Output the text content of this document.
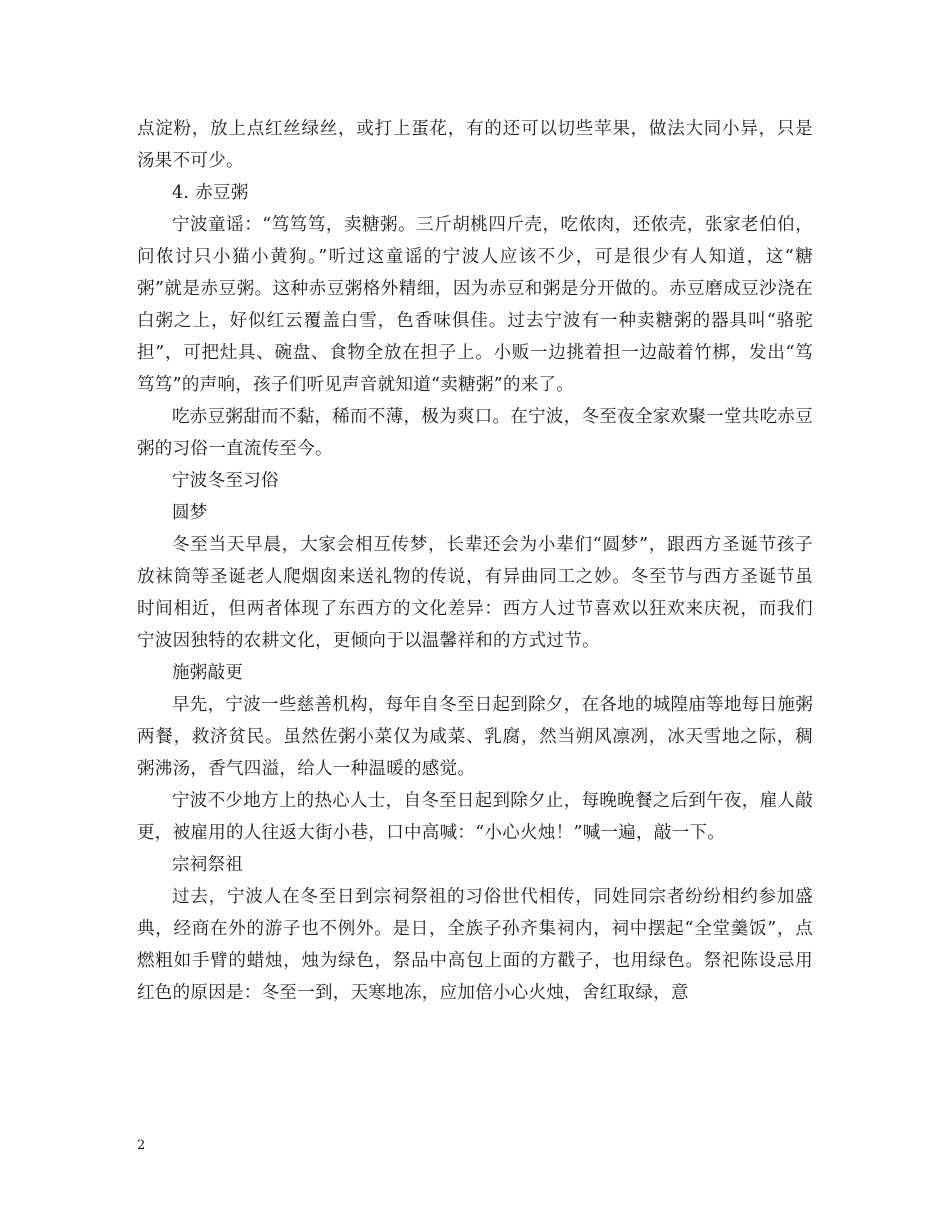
点淀粉，放上点红丝绿丝，或打上蛋花，有的还可以切些苹果，做法大同小异，只是汤果不可少。

4. 赤豆粥

宁波童谣：“笃笃笃，卖糖粥。三斤胡桃四斤壳，吃侬肉，还侬壳，张家老伯伯，问侬讨只小猫小黄狗。”听过这童谣的宁波人应该不少，可是很少有人知道，这“糖粥”就是赤豆粥。这种赤豆粥格外精细，因为赤豆和粥是分开做的。赤豆磨成豆沙浇在白粥之上，好似红云覆盖白雪，色香味俱佳。过去宁波有一种卖糖粥的器具叫“骆驼担”，可把灶具、碗盘、食物全放在担子上。小贩一边挑着担一边敲着竹梆，发出“笃笃笃”的声响，孩子们听见声音就知道“卖糖粥”的来了。

吃赤豆粥甜而不黏，稀而不薄，极为爽口。在宁波，冬至夜全家欢聚一堂共吃赤豆粥的习俗一直流传至今。

宁波冬至习俗

圆梦

冬至当天早晨，大家会相互传梦，长辈还会为小辈们“圆梦”，跟西方圣诞节孩子放袜筒等圣诞老人爬烟囱来送礼物的传说，有异曲同工之妙。冬至节与西方圣诞节虽时间相近，但两者体现了东西方的文化差异：西方人过节喜欢以狂欢来庆祝，而我们宁波因独特的农耕文化，更倾向于以温馨祥和的方式过节。

施粥敲更

早先，宁波一些慈善机构，每年自冬至日起到除夕，在各地的城隍庙等地每日施粥两餐，救济贫民。虽然佐粥小菜仅为咸菜、乳腐，然当朔风凛冽，冰天雪地之际，稠粥沸汤，香气四溢，给人一种温暖的感觉。

宁波不少地方上的热心人士，自冬至日起到除夕止，每晚晚餐之后到午夜，雇人敲更，被雇用的人往返大街小巷，口中高喊：“小心火烛！”喊一遍，敲一下。

宗祠祭祖

过去，宁波人在冬至日到宗祠祭祖的习俗世代相传，同姓同宗者纷纷相约参加盛典，经商在外的游子也不例外。是日，全族子孙齐集祠内，祠中摆起“全堂羹饭”，点燃粗如手臂的蜡烛，烛为绿色，祭品中高包上面的方戳子，也用绿色。祭祀陈设忌用红色的原因是：冬至一到，天寒地冻，应加倍小心火烛，舍红取绿，意

2
